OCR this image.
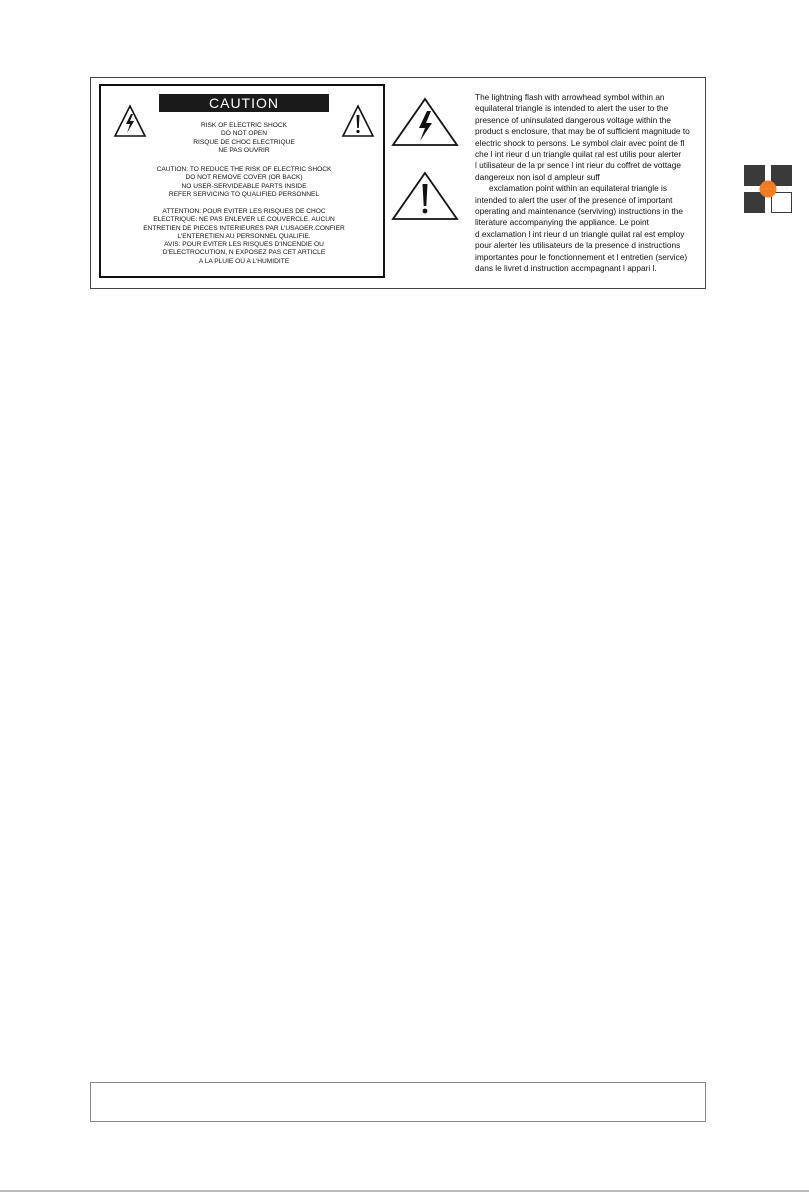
CAUTION
RISK OF ELECTRIC SHOCK
DO NOT OPEN
RISQUE DE CHOC ELECTRIQUE
NE PAS OUVRIR
CAUTION: TO REDUCE THE RISK OF ELECTRIC SHOCK
DO NOT REMOVE COVER (OR BACK)
NO USER-SERVIDEABLE PARTS INSIDE
REFER SERVICING TO QUALIFIED PERSONNEL
ATTENTION: POUR EVITER LES RISQUES DE CHOC
ELECTRIQUE: NE PAS ENLEVER LE COUVERCLE. AUCUN
ENTRETIEN DE PIECES INTERIEURES PAR L'USAGER.CONFIER
L'ENTERETIEN AU PERSONNEL QUALIFIE.
AVIS: POUR EVITER LES RISQUES D'INCENDIE OU
D'ELECTROCUTION, N EXPOSEZ PAS CET ARTICLE
A LA PLUIE OU A L'HUMIDITE
The lightning flash with arrowhead symbol within an
equilateral triangle is intended to alert the user to the
presence of uninsulated dangerous voltage within the
product s enclosure, that may be of sufficient magnitude to
electric shock to persons. Le symbol clair avec point de fl
che l int rieur d un triangle quilat ral est utilis pour alerter
l utilisateur de la pr sence l int rieur du coffret de vottage
dangereux non isol d ampleur suff
exclamation point within an equilateral triangle is
intended to alert the user of the presence of important
operating and maintenance (serviving) instructions in the
literature accompanying the appliance. Le point
d exclamation l int rieur d un triangle quilat ral est employ
pour alerter les utilisateurs de la presence d instructions
importantes pour le fonctionnement et l entretien (service)
dans le livret d instruction accmpagnant l appari l.
